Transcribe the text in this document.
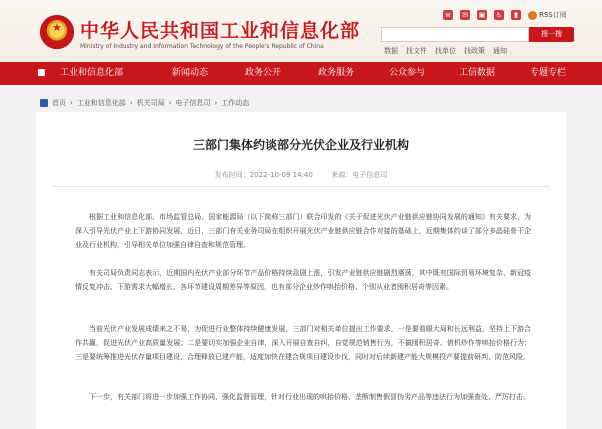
★ 中华人民共和国工业和信息化部
Ministry of Industry and Information Technology of the People's Republic of China
w	✉ ▣ ♿	▮	RSS订阅
搜一搜
数据 找文件 找单位 找政策 通知
■ 工业和信息化部	新闻动态	政务公开	政务服务	公众参与	工信数据	专题专栏
首页 › 工业和信息化部 › 机关司局 › 电子信息司 › 工作动态
三部门集体约谈部分光伏企业及行业机构
发布时间：2022-10-09 14:40	来源：电子信息司

根据工业和信息化部、市场监管总局、国家能源局（以下简称三部门）联合印发的《关于促进光伏产业链供应链协同发展的通知》有关要求，为深入引导光伏产业上下游协同发展，近日，三部门有关业务司局在组织开展光伏产业链供应链合作对接的基础上，近期集体约谈了部分多晶硅骨干企业及行业机构，引导相关单位加强自律自查和规范管理。

有关司局负责同志表示，近期国内光伏产业部分环节产品价格持续急剧上涨，引发产业链供应链剧烈震荡，其中既有国际贸易环境复杂、新冠疫情反复冲击、下游需求大幅增长、各环节建设周期差异等原因，也有部分企业炒作哄抬价格、个别从业者囤积居奇等因素。

当前光伏产业发展成绩来之不易，为促进行业整体持续健康发展，三部门对相关单位提出工作要求，一是要看眼大局和长远利益，坚持上下游合作共赢，促进光伏产业高质量发展；二是要切实加强企业自律，深入开展自查自纠，自觉规范销售行为，不搞囤积居奇、借机炒作等哄抬价格行为；三是要统筹推进光伏存量项目建设，合理释放已建产能，适度加快在建合规项目建设步伐，同时对后续新建产能大规模投产要提前研判、防范风险。

下一步，有关部门将进一步加强工作协同、强化监督管理，针对行业出现的哄抬价格、垄断制售假冒伪劣产品等违法行为加强查处、严厉打击。
